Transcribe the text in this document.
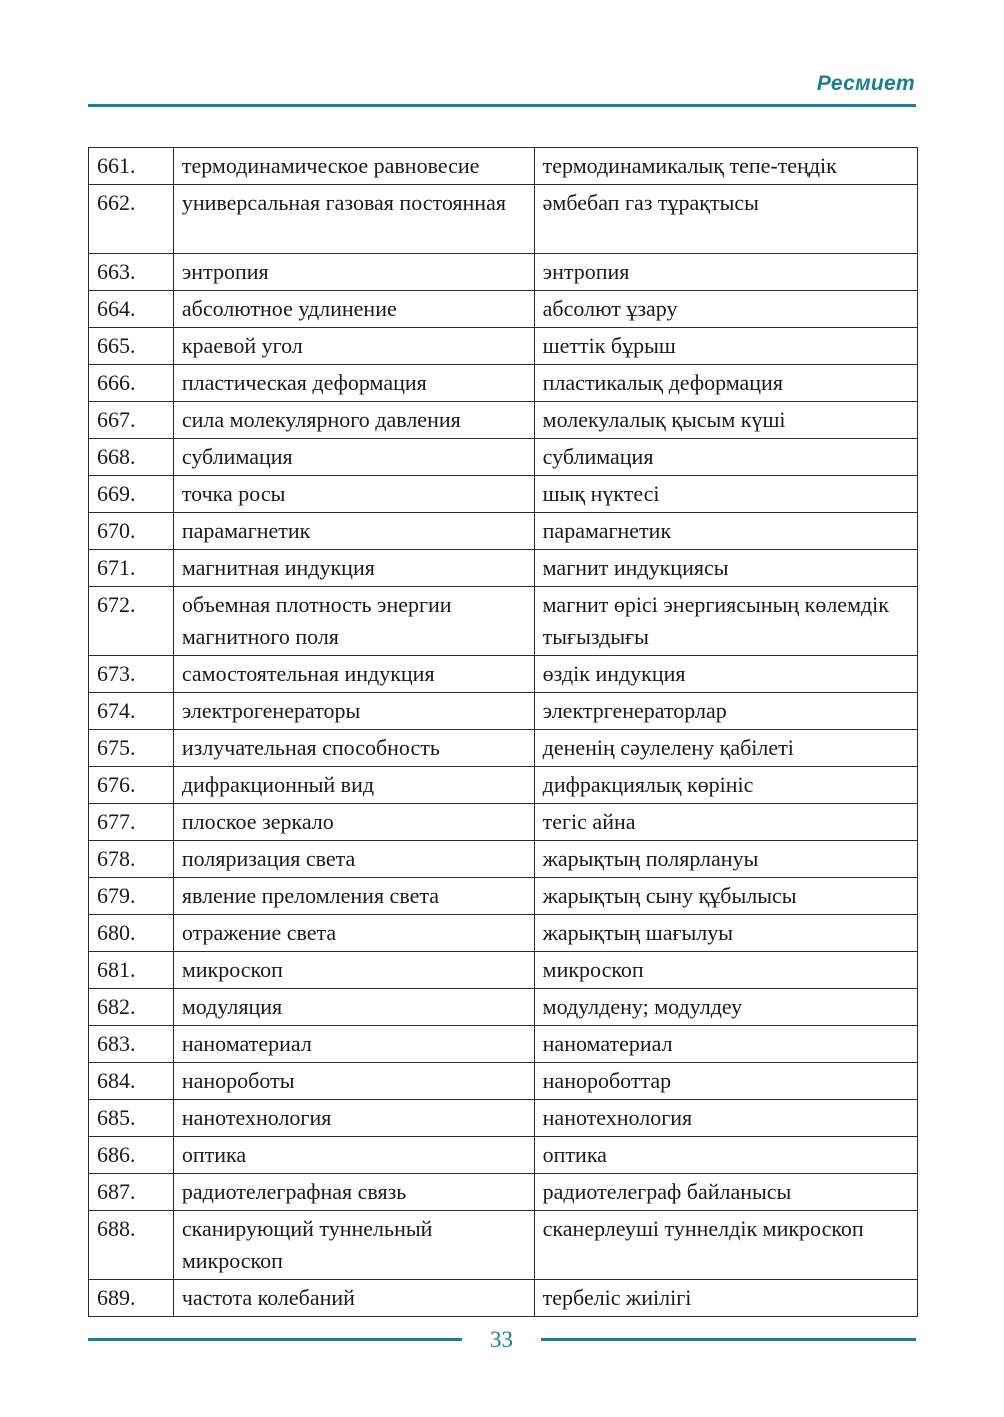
Ресмиет
661.	термодинамическое равновесие	термодинамикалық тепе-теңдік
662.	универсальная газовая постоянная	әмбебап газ тұрақтысы
663.	энтропия	энтропия
664.	абсолютное удлинение	абсолют ұзару
665.	краевой угол	шеттік бұрыш
666.	пластическая деформация	пластикалық деформация
667.	сила молекулярного давления	молекулалық қысым күші
668.	сублимация	сублимация
669.	точка росы	шық нүктесі
670.	парамагнетик	парамагнетик
671.	магнитная индукция	магнит индукциясы
672.	объемная плотность энергии магнитного поля	магнит өрісі энергиясының көлемдік тығыздығы
673.	самостоятельная индукция	өздік индукция
674.	электрогенераторы	электргенераторлар
675.	излучательная способность	дененің сәулелену қабілеті
676.	дифракционный вид	дифракциялық көрініс
677.	плоское зеркало	тегіс айна
678.	поляризация света	жарықтың полярлануы
679.	явление преломления света	жарықтың сыну құбылысы
680.	отражение света	жарықтың шағылуы
681.	микроскоп	микроскоп
682.	модуляция	модулдену; модулдеу
683.	наноматериал	наноматериал
684.	нанороботы	нанороботтар
685.	нанотехнология	нанотехнология
686.	оптика	оптика
687.	радиотелеграфная связь	радиотелеграф байланысы
688.	сканирующий туннельный микроскоп	сканерлеуші туннелдік микроскоп
689.	частота колебаний	тербеліс жиілігі
33
